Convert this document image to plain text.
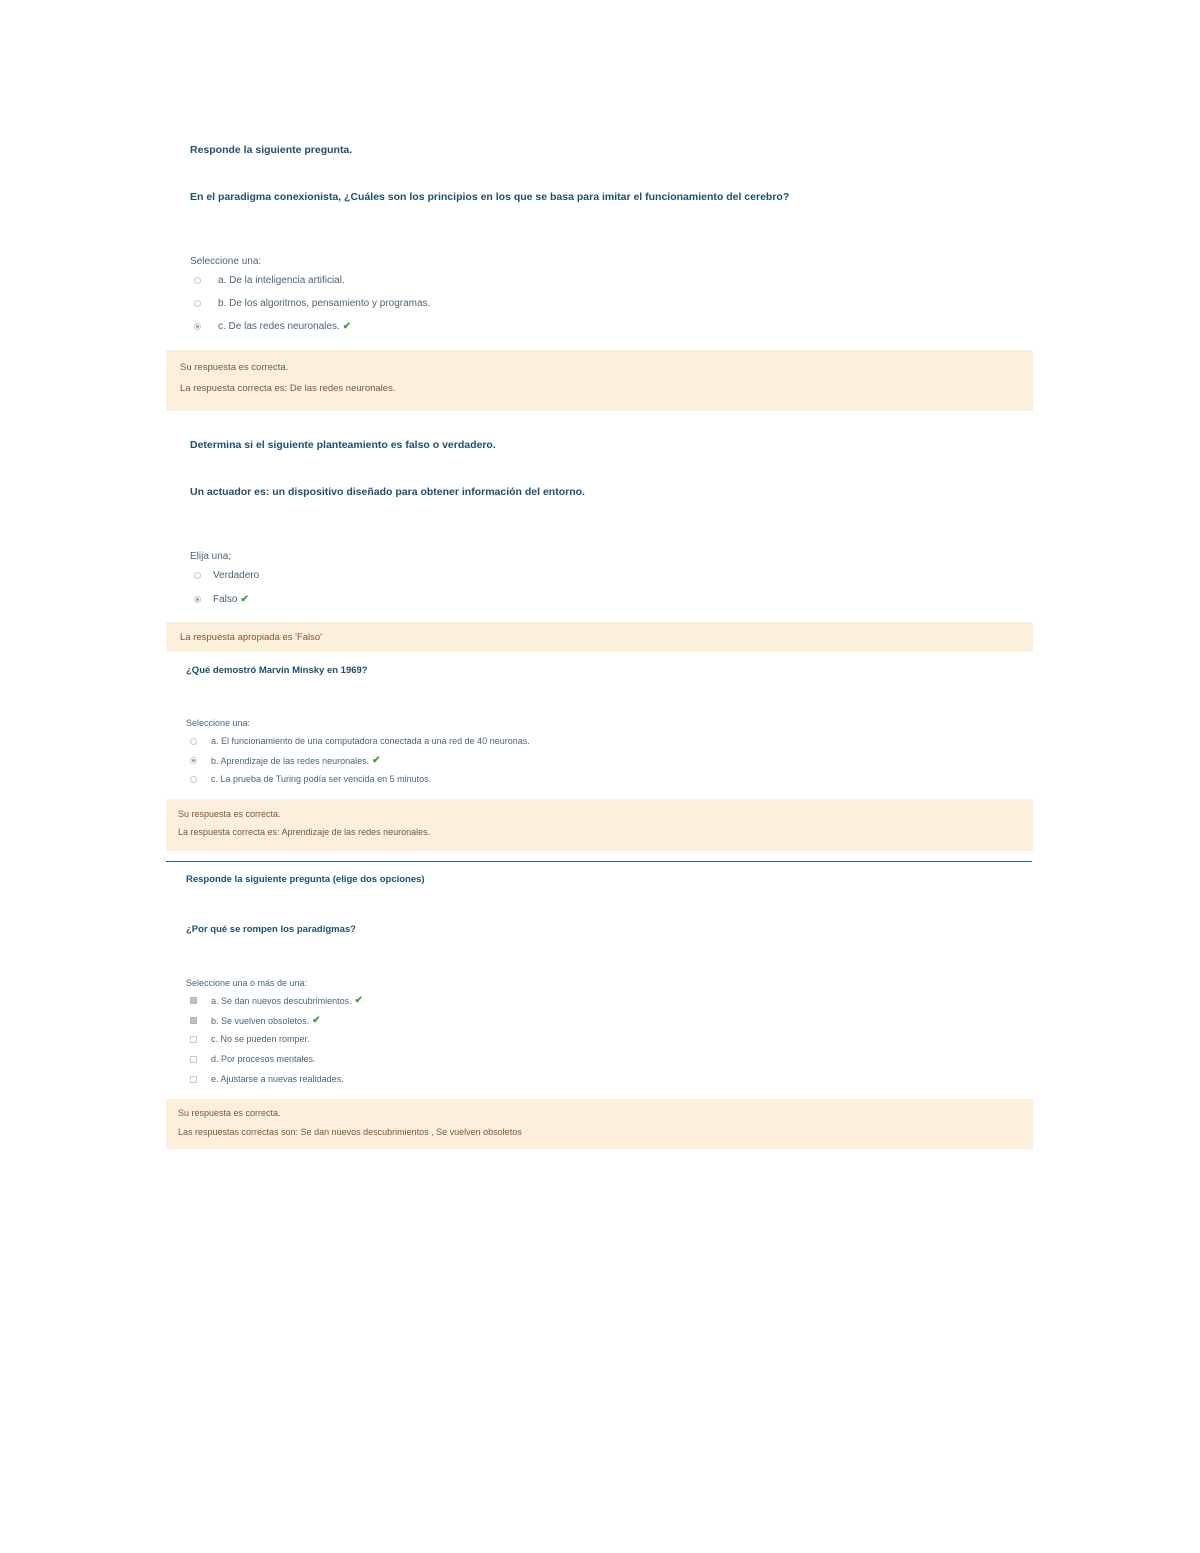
Responde la siguiente pregunta.
En el paradigma conexionista, ¿Cuáles son los principios en los que se basa para imitar el funcionamiento del cerebro?
Seleccione una:
a. De la inteligencia artificial.
b. De los algoritmos, pensamiento y programas.
c. De las redes neuronales. ✔
Su respuesta es correcta.
La respuesta correcta es: De las redes neuronales.
Determina si el siguiente planteamiento es falso o verdadero.
Un actuador es: un dispositivo diseñado para obtener información del entorno.
Elija una;
Verdadero
Falso ✔
La respuesta apropiada es 'Falso'
¿Qué demostró Marvin Minsky en 1969?
Seleccione una:
a. El funcionamiento de una computadora conectada a una red de 40 neuronas.
b. Aprendizaje de las redes neuronales. ✔
c. La prueba de Turing podía ser vencida en 5 minutos.
Su respuesta es correcta.
La respuesta correcta es: Aprendizaje de las redes neuronales.
Responde la siguiente pregunta (elige dos opciones)
¿Por qué se rompen los paradigmas?
Seleccione una o más de una:
a. Se dan nuevos descubrimientos. ✔
b. Se vuelven obsoletos. ✔
c. No se pueden romper.
d. Por procesos mentales.
e. Ajustarse a nuevas realidades.
Su respuesta es correcta.
Las respuestas correctas son: Se dan nuevos descubrimientos , Se vuelven obsoletos
